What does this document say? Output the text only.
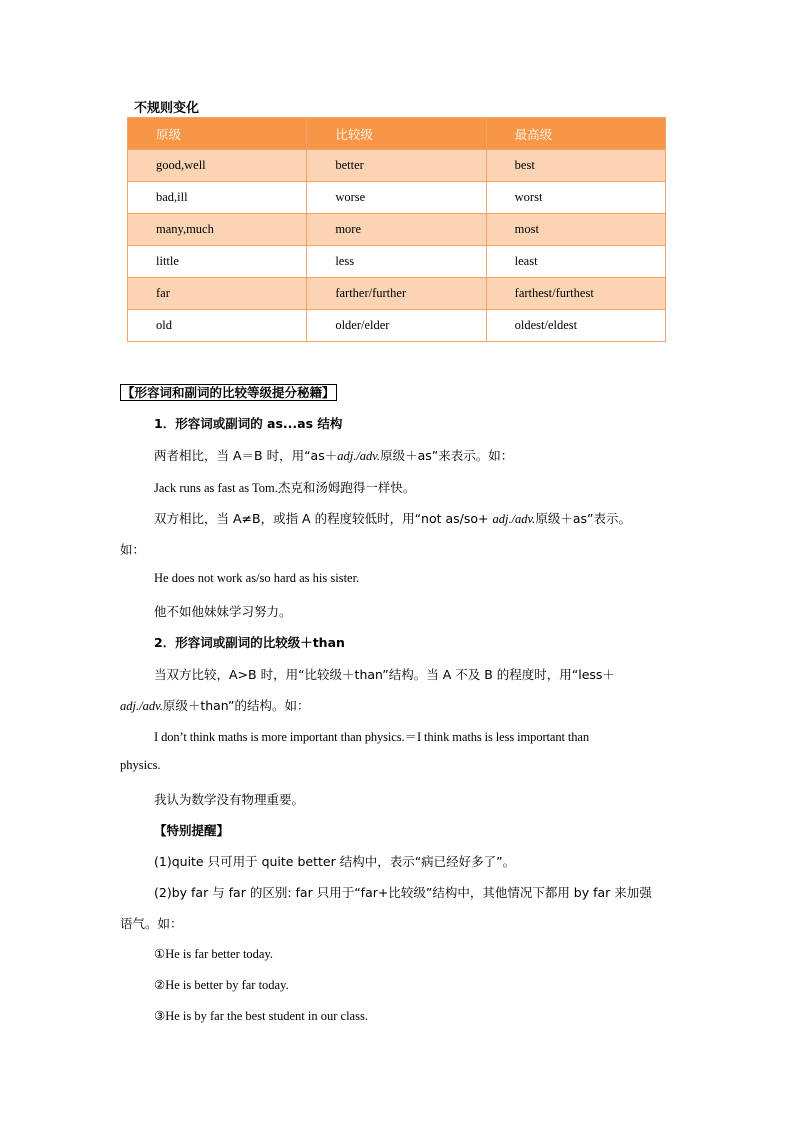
不规则变化
原级	比较级	最高级
good,well	better	best
bad,ill	worse	worst
many,much	more	most
little	less	least
far	farther/further	farthest/furthest
old	older/elder	oldest/eldest
【形容词和副词的比较等级提分秘籍】
1．形容词或副词的 as...as 结构
两者相比，当 A＝B 时，用“as＋adj./adv.原级＋as”来表示。如：
Jack runs as fast as Tom.杰克和汤姆跑得一样快。
双方相比，当 A≠B，或指 A 的程度较低时，用“not as/so+ adj./adv.原级＋as”表示。
如：
He does not work as/so hard as his sister.
他不如他妹妹学习努力。
2．形容词或副词的比较级＋than
当双方比较，A>B 时，用“比较级＋than”结构。当 A 不及 B 的程度时，用“less＋
adj./adv.原级＋than”的结构。如：
I don’t think maths is more important than physics.＝I think maths is less important than
physics.
我认为数学没有物理重要。
【特别提醒】
(1)quite 只可用于 quite better 结构中，表示“病已经好多了”。
(2)by far 与 far 的区别: far 只用于“far+比较级”结构中，其他情况下都用 by far 来加强
语气。如：
①He is far better today.
②He is better by far today.
③He is by far the best student in our class.
